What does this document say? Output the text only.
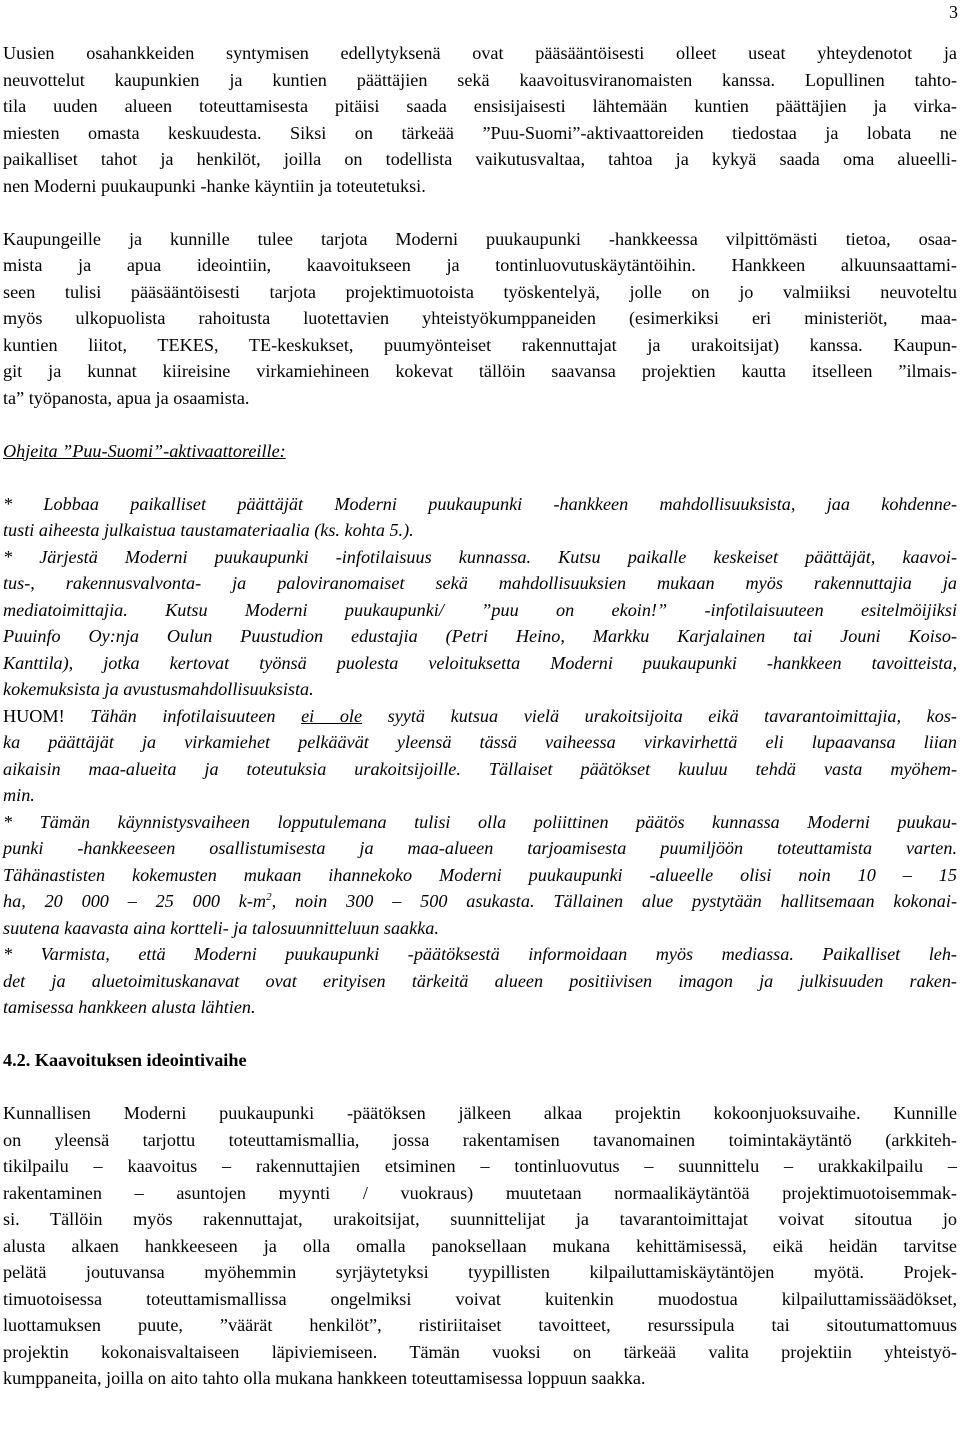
3
Uusien osahankkeiden syntymisen edellytyksenä ovat pääsääntöisesti olleet useat yhteydenotot ja
neuvottelut kaupunkien ja kuntien päättäjien sekä kaavoitusviranomaisten kanssa. Lopullinen tahto-
tila uuden alueen toteuttamisesta pitäisi saada ensisijaisesti lähtemään kuntien päättäjien ja virka-
miesten omasta keskuudesta. Siksi on tärkeää ”Puu-Suomi”-aktivaattoreiden tiedostaa ja lobata ne
paikalliset tahot ja henkilöt, joilla on todellista vaikutusvaltaa, tahtoa ja kykyä saada oma alueelli-
nen Moderni puukaupunki -hanke käyntiin ja toteutetuksi.
Kaupungeille ja kunnille tulee tarjota Moderni puukaupunki -hankkeessa vilpittömästi tietoa, osaa-
mista ja apua ideointiin, kaavoitukseen ja tontinluovutuskäytäntöihin. Hankkeen alkuunsaattami-
seen tulisi pääsääntöisesti tarjota projektimuotoista työskentelyä, jolle on jo valmiiksi neuvoteltu
myös ulkopuolista rahoitusta luotettavien yhteistyökumppaneiden (esimerkiksi eri ministeriöt, maa-
kuntien liitot, TEKES, TE-keskukset, puumyönteiset rakennuttajat ja urakoitsijat) kanssa. Kaupun-
git ja kunnat kiireisine virkamiehineen kokevat tällöin saavansa projektien kautta itselleen ”ilmais-
ta” työpanosta, apua ja osaamista.
Ohjeita ”Puu-Suomi”-aktivaattoreille:
* Lobbaa paikalliset päättäjät Moderni puukaupunki -hankkeen mahdollisuuksista, jaa kohdenne-
tusti aiheesta julkaistua taustamateriaalia (ks. kohta 5.).
* Järjestä Moderni puukaupunki -infotilaisuus kunnassa. Kutsu paikalle keskeiset päättäjät, kaavoi-
tus-, rakennusvalvonta- ja paloviranomaiset sekä mahdollisuuksien mukaan myös rakennuttajia ja
mediatoimittajia. Kutsu Moderni puukaupunki/ ”puu on ekoin!” -infotilaisuuteen esitelmöijiksi
Puuinfo Oy:nja Oulun Puustudion edustajia (Petri Heino, Markku Karjalainen tai Jouni Koiso-
Kanttila), jotka kertovat työnsä puolesta veloituksetta Moderni puukaupunki -hankkeen tavoitteista,
kokemuksista ja avustusmahdollisuuksista.
HUOM! Tähän infotilaisuuteen ei ole syytä kutsua vielä urakoitsijoita eikä tavarantoimittajia, kos-
ka päättäjät ja virkamiehet pelkäävät yleensä tässä vaiheessa virkavirhettä eli lupaavansa liian
aikaisin maa-alueita ja toteutuksia urakoitsijoille. Tällaiset päätökset kuuluu tehdä vasta myöhem-
min.
* Tämän käynnistysvaiheen lopputulemana tulisi olla poliittinen päätös kunnassa Moderni puukau-
punki -hankkeeseen osallistumisesta ja maa-alueen tarjoamisesta puumiljöön toteuttamista varten.
Tähänastisten kokemusten mukaan ihannekoko Moderni puukaupunki -alueelle olisi noin 10 – 15
ha, 20 000 – 25 000 $k-m^2$, noin 300 – 500 asukasta. Tällainen alue pystytään hallitsemaan kokonai-
suutena kaavasta aina kortteli- ja talosuunnitteluun saakka.
* Varmista, että Moderni puukaupunki -päätöksestä informoidaan myös mediassa. Paikalliset leh-
det ja aluetoimituskanavat ovat erityisen tärkeitä alueen positiivisen imagon ja julkisuuden raken-
tamisessa hankkeen alusta lähtien.
4.2. Kaavoituksen ideointivaihe
Kunnallisen Moderni puukaupunki -päätöksen jälkeen alkaa projektin kokoonjuoksuvaihe. Kunnille
on yleensä tarjottu toteuttamismallia, jossa rakentamisen tavanomainen toimintakäytäntö (arkkiteh-
tikilpailu – kaavoitus – rakennuttajien etsiminen – tontinluovutus – suunnittelu – urakkakilpailu –
rakentaminen – asuntojen myynti / vuokraus) muutetaan normaalikäytäntöä projektimuotoisemmak-
si. Tällöin myös rakennuttajat, urakoitsijat, suunnittelijat ja tavarantoimittajat voivat sitoutua jo
alusta alkaen hankkeeseen ja olla omalla panoksellaan mukana kehittämisessä, eikä heidän tarvitse
pelätä joutuvansa myöhemmin syrjäytetyksi tyypillisten kilpailuttamiskäytäntöjen myötä. Projek-
timuotoisessa toteuttamismallissa ongelmiksi voivat kuitenkin muodostua kilpailuttamissäädökset,
luottamuksen puute, ”väärät henkilöt”, ristiriitaiset tavoitteet, resurssipula tai sitoutumattomuus
projektin kokonaisvaltaiseen läpiviemiseen. Tämän vuoksi on tärkeää valita projektiin yhteistyö-
kumppaneita, joilla on aito tahto olla mukana hankkeen toteuttamisessa loppuun saakka.
